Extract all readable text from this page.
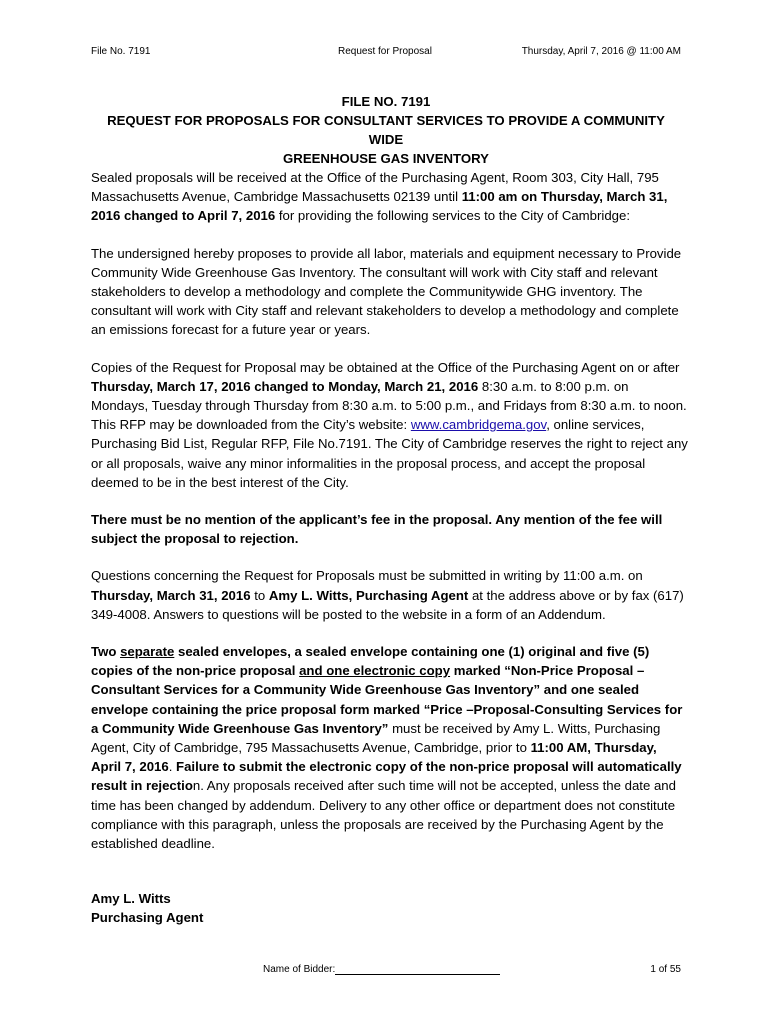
File No. 7191	Request for Proposal	Thursday, April 7, 2016 @ 11:00 AM
FILE NO. 7191
REQUEST FOR PROPOSALS FOR CONSULTANT SERVICES TO PROVIDE A COMMUNITY WIDE
GREENHOUSE GAS INVENTORY

Sealed proposals will be received at the Office of the Purchasing Agent, Room 303, City Hall, 795 Massachusetts Avenue, Cambridge Massachusetts 02139 until 11:00 am on Thursday, March 31, 2016 changed to April 7, 2016 for providing the following services to the City of Cambridge:

The undersigned hereby proposes to provide all labor, materials and equipment necessary to Provide Community Wide Greenhouse Gas Inventory. The consultant will work with City staff and relevant stakeholders to develop a methodology and complete the Communitywide GHG inventory. The consultant will work with City staff and relevant stakeholders to develop a methodology and complete an emissions forecast for a future year or years.

Copies of the Request for Proposal may be obtained at the Office of the Purchasing Agent on or after Thursday, March 17, 2016 changed to Monday, March 21, 2016 8:30 a.m. to 8:00 p.m. on Mondays, Tuesday through Thursday from 8:30 a.m. to 5:00 p.m., and Fridays from 8:30 a.m. to noon. This RFP may be downloaded from the City’s website: www.cambridgema.gov, online services, Purchasing Bid List, Regular RFP, File No.7191. The City of Cambridge reserves the right to reject any or all proposals, waive any minor informalities in the proposal process, and accept the proposal deemed to be in the best interest of the City.

There must be no mention of the applicant’s fee in the proposal. Any mention of the fee will subject the proposal to rejection.

Questions concerning the Request for Proposals must be submitted in writing by 11:00 a.m. on Thursday, March 31, 2016 to Amy L. Witts, Purchasing Agent at the address above or by fax (617) 349-4008. Answers to questions will be posted to the website in a form of an Addendum.

Two separate sealed envelopes, a sealed envelope containing one (1) original and five (5) copies of the non-price proposal and one electronic copy marked “Non-Price Proposal – Consultant Services for a Community Wide Greenhouse Gas Inventory” and one sealed envelope containing the price proposal form marked “Price –Proposal-Consulting Services for a Community Wide Greenhouse Gas Inventory” must be received by Amy L. Witts, Purchasing Agent, City of Cambridge, 795 Massachusetts Avenue, Cambridge, prior to 11:00 AM, Thursday, April 7, 2016. Failure to submit the electronic copy of the non-price proposal will automatically result in rejection. Any proposals received after such time will not be accepted, unless the date and time has been changed by addendum. Delivery to any other office or department does not constitute compliance with this paragraph, unless the proposals are received by the Purchasing Agent by the established deadline.

Amy L. Witts
Purchasing Agent
Name of Bidder:	1 of 55
